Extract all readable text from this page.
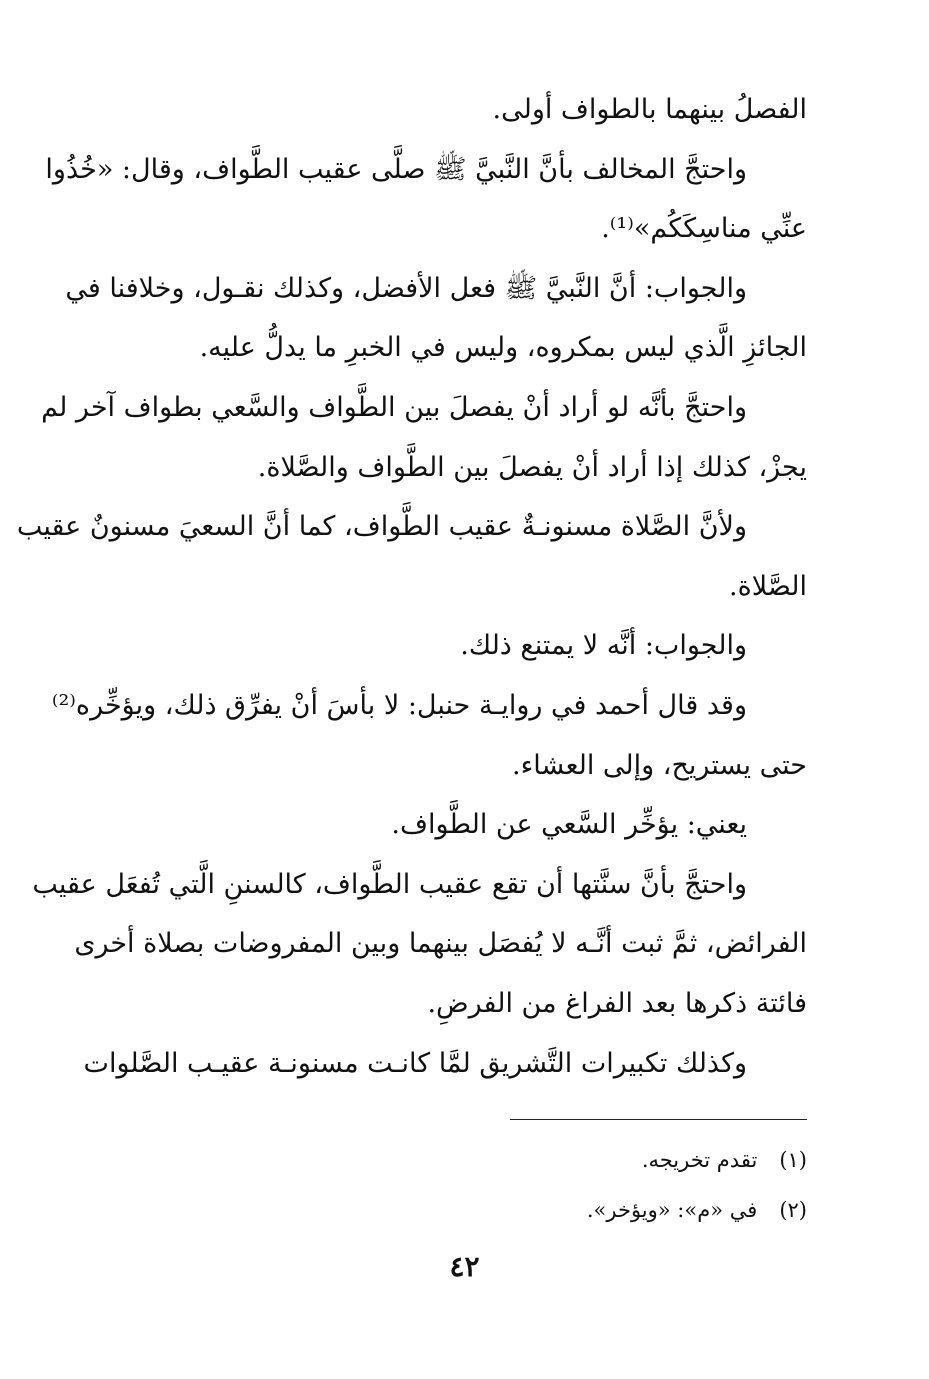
الفصلُ بينهما بالطواف أولى.
واحتجَّ المخالف بأنَّ النَّبيَّ ﷺ صلَّى عقيب الطَّواف، وقال: «خُذُوا
عنِّي مناسِكَكُم»⁽¹⁾.
والجواب: أنَّ النَّبيَّ ﷺ فعل الأفضل، وكذلك نقـول، وخلافنا في
الجائزِ الَّذي ليس بمكروه، وليس في الخبرِ ما يدلُّ عليه.
واحتجَّ بأنَّه لو أراد أنْ يفصلَ بين الطَّواف والسَّعي بطواف آخر لم
يجزْ، كذلك إذا أراد أنْ يفصلَ بين الطَّواف والصَّلاة.
ولأنَّ الصَّلاة مسنونـةٌ عقيب الطَّواف، كما أنَّ السعيَ مسنونٌ عقيب
الصَّلاة.
والجواب: أنَّه لا يمتنع ذلك.
وقد قال أحمد في روايـة حنبل: لا بأسَ أنْ يفرِّق ذلك، ويؤخِّره⁽²⁾
حتى يستريح، وإلى العشاء.
يعني: يؤخِّر السَّعي عن الطَّواف.
واحتجَّ بأنَّ سنَّتها أن تقع عقيب الطَّواف، كالسننِ الَّتي تُفعَل عقيب
الفرائض، ثمَّ ثبت أنَّـه لا يُفصَل بينهما وبين المفروضات بصلاة أخرى
فائتة ذكرها بعد الفراغ من الفرضِ.
وكذلك تكبيرات التَّشريق لمَّا كانـت مسنونـة عقيـب الصَّلوات
(١)تقدم تخريجه.
(٢)في «م»: «ويؤخر».
٤٢
